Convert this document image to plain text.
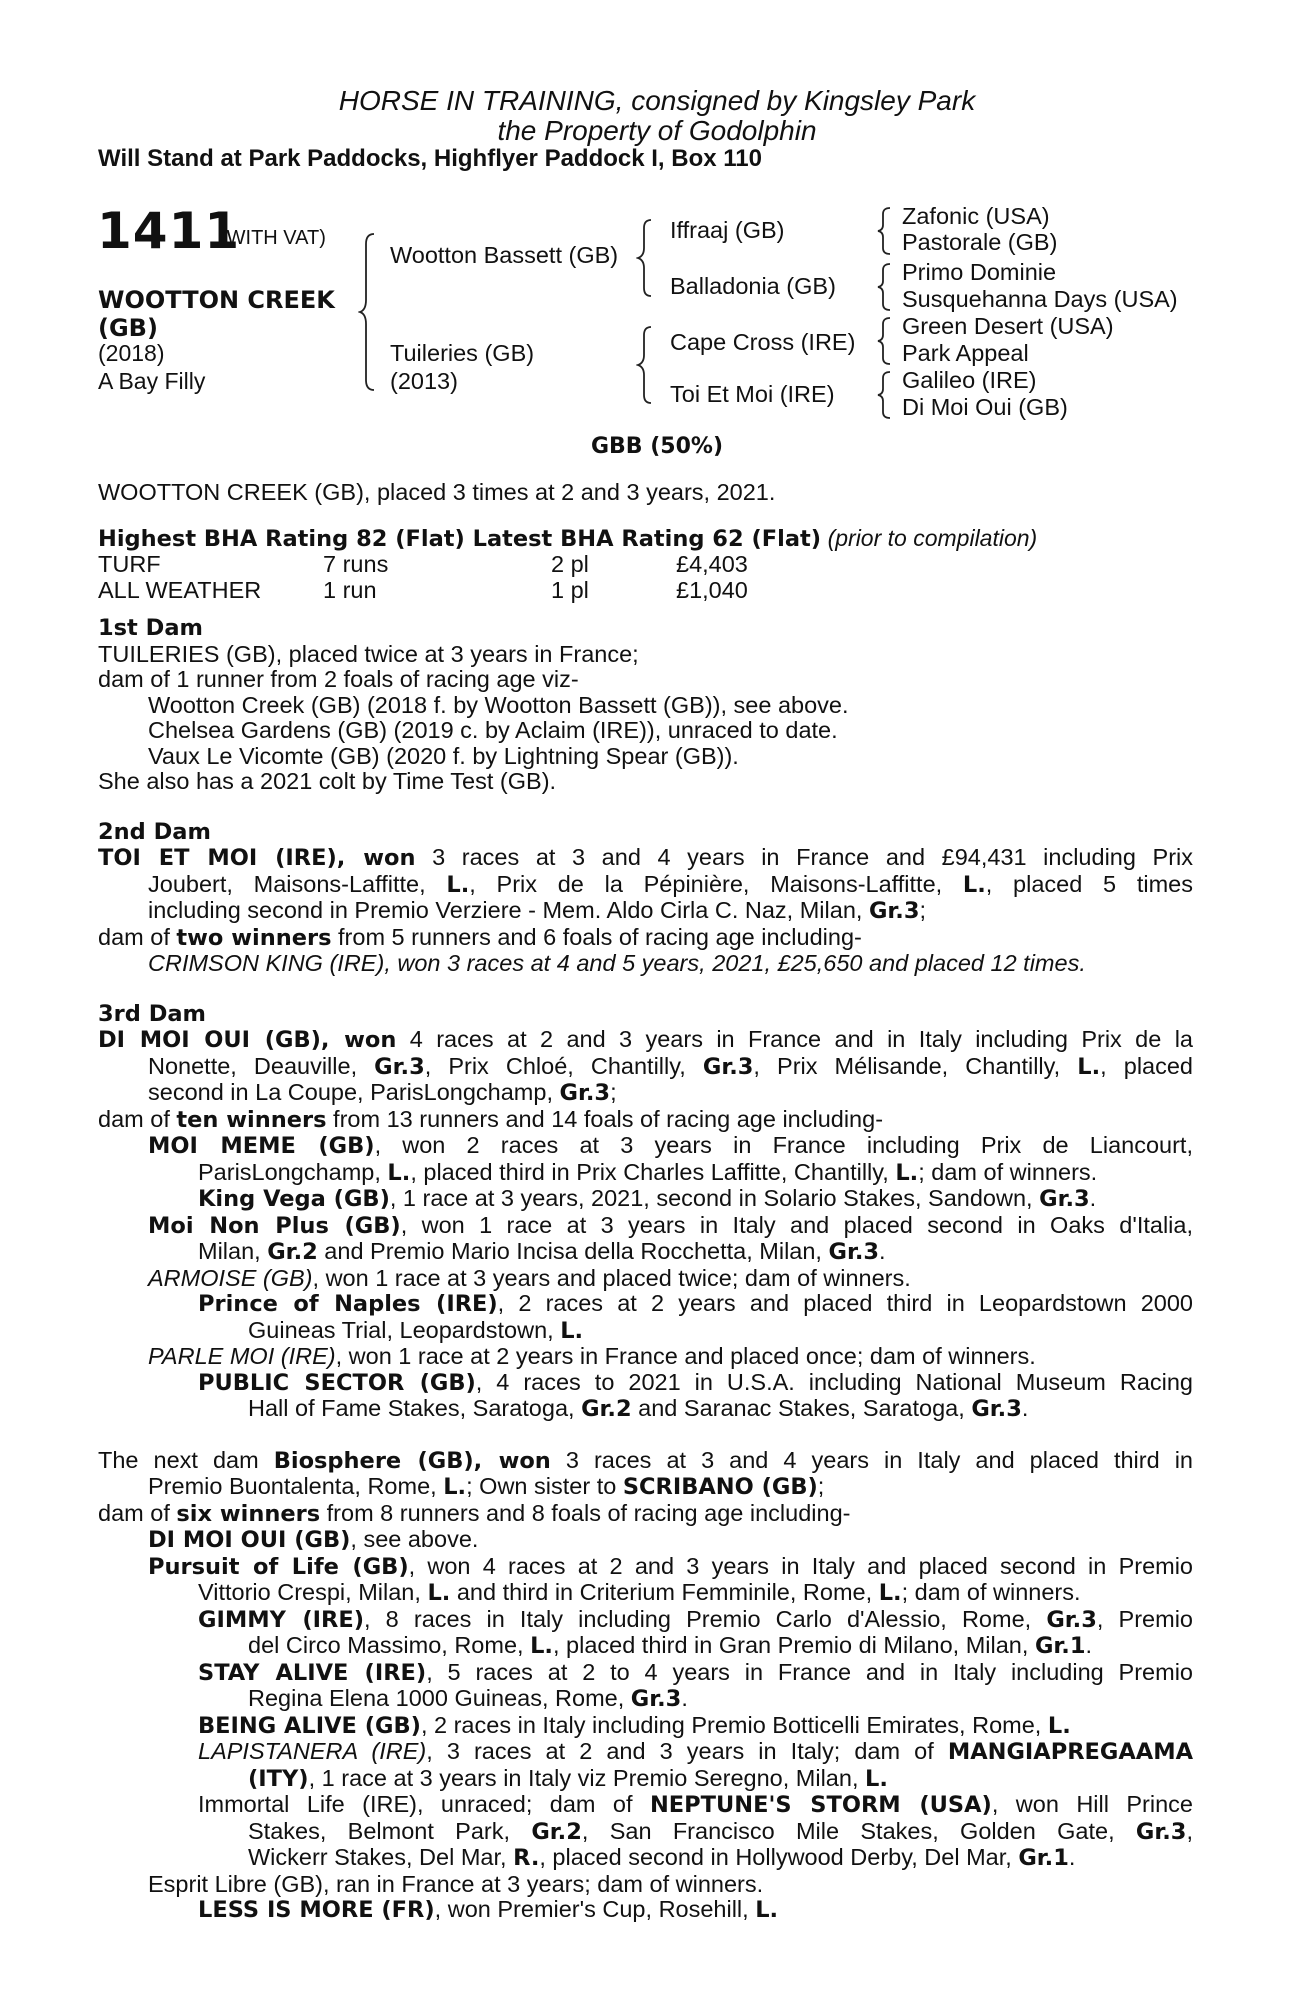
HORSE IN TRAINING, consigned by Kingsley Park
the Property of Godolphin
Will Stand at Park Paddocks, Highflyer Paddock I, Box 110
1411
(WITH VAT)
WOOTTON CREEK (GB)
(2018)
A Bay Filly
Wootton Bassett (GB)
Tuileries (GB)
(2013)
Iffraaj (GB)
Balladonia (GB)
Cape Cross (IRE)
Toi Et Moi (IRE)
Zafonic (USA)
Pastorale (GB)
Primo Dominie
Susquehanna Days (USA)
Green Desert (USA)
Park Appeal
Galileo (IRE)
Di Moi Oui (GB)
GBB (50%)
WOOTTON CREEK (GB), placed 3 times at 2 and 3 years, 2021.
Highest BHA Rating 82 (Flat) Latest BHA Rating 62 (Flat) (prior to compilation)
TURF	7 runs	2 pl	£4,403
ALL WEATHER	1 run	1 pl	£1,040
1st Dam
TUILERIES (GB), placed twice at 3 years in France;
dam of 1 runner from 2 foals of racing age viz-
Wootton Creek (GB) (2018 f. by Wootton Bassett (GB)), see above.
Chelsea Gardens (GB) (2019 c. by Aclaim (IRE)), unraced to date.
Vaux Le Vicomte (GB) (2020 f. by Lightning Spear (GB)).
She also has a 2021 colt by Time Test (GB).
2nd Dam
TOI ET MOI (IRE), won 3 races at 3 and 4 years in France and £94,431 including Prix
Joubert, Maisons-Laffitte, L., Prix de la Pépinière, Maisons-Laffitte, L., placed 5 times
including second in Premio Verziere - Mem. Aldo Cirla C. Naz, Milan, Gr.3;
dam of two winners from 5 runners and 6 foals of racing age including-
CRIMSON KING (IRE), won 3 races at 4 and 5 years, 2021, £25,650 and placed 12 times.
3rd Dam
DI MOI OUI (GB), won 4 races at 2 and 3 years in France and in Italy including Prix de la
Nonette, Deauville, Gr.3, Prix Chloé, Chantilly, Gr.3, Prix Mélisande, Chantilly, L., placed
second in La Coupe, ParisLongchamp, Gr.3;
dam of ten winners from 13 runners and 14 foals of racing age including-
MOI MEME (GB), won 2 races at 3 years in France including Prix de Liancourt,
ParisLongchamp, L., placed third in Prix Charles Laffitte, Chantilly, L.; dam of winners.
King Vega (GB), 1 race at 3 years, 2021, second in Solario Stakes, Sandown, Gr.3.
Moi Non Plus (GB), won 1 race at 3 years in Italy and placed second in Oaks d'Italia,
Milan, Gr.2 and Premio Mario Incisa della Rocchetta, Milan, Gr.3.
ARMOISE (GB), won 1 race at 3 years and placed twice; dam of winners.
Prince of Naples (IRE), 2 races at 2 years and placed third in Leopardstown 2000
Guineas Trial, Leopardstown, L.
PARLE MOI (IRE), won 1 race at 2 years in France and placed once; dam of winners.
PUBLIC SECTOR (GB), 4 races to 2021 in U.S.A. including National Museum Racing
Hall of Fame Stakes, Saratoga, Gr.2 and Saranac Stakes, Saratoga, Gr.3.
The next dam Biosphere (GB), won 3 races at 3 and 4 years in Italy and placed third in
Premio Buontalenta, Rome, L.; Own sister to SCRIBANO (GB);
dam of six winners from 8 runners and 8 foals of racing age including-
DI MOI OUI (GB), see above.
Pursuit of Life (GB), won 4 races at 2 and 3 years in Italy and placed second in Premio
Vittorio Crespi, Milan, L. and third in Criterium Femminile, Rome, L.; dam of winners.
GIMMY (IRE), 8 races in Italy including Premio Carlo d'Alessio, Rome, Gr.3, Premio
del Circo Massimo, Rome, L., placed third in Gran Premio di Milano, Milan, Gr.1.
STAY ALIVE (IRE), 5 races at 2 to 4 years in France and in Italy including Premio
Regina Elena 1000 Guineas, Rome, Gr.3.
BEING ALIVE (GB), 2 races in Italy including Premio Botticelli Emirates, Rome, L.
LAPISTANERA (IRE), 3 races at 2 and 3 years in Italy; dam of MANGIAPREGAAMA
(ITY), 1 race at 3 years in Italy viz Premio Seregno, Milan, L.
Immortal Life (IRE), unraced; dam of NEPTUNE'S STORM (USA), won Hill Prince
Stakes, Belmont Park, Gr.2, San Francisco Mile Stakes, Golden Gate, Gr.3,
Wickerr Stakes, Del Mar, R., placed second in Hollywood Derby, Del Mar, Gr.1.
Esprit Libre (GB), ran in France at 3 years; dam of winners.
LESS IS MORE (FR), won Premier's Cup, Rosehill, L.
